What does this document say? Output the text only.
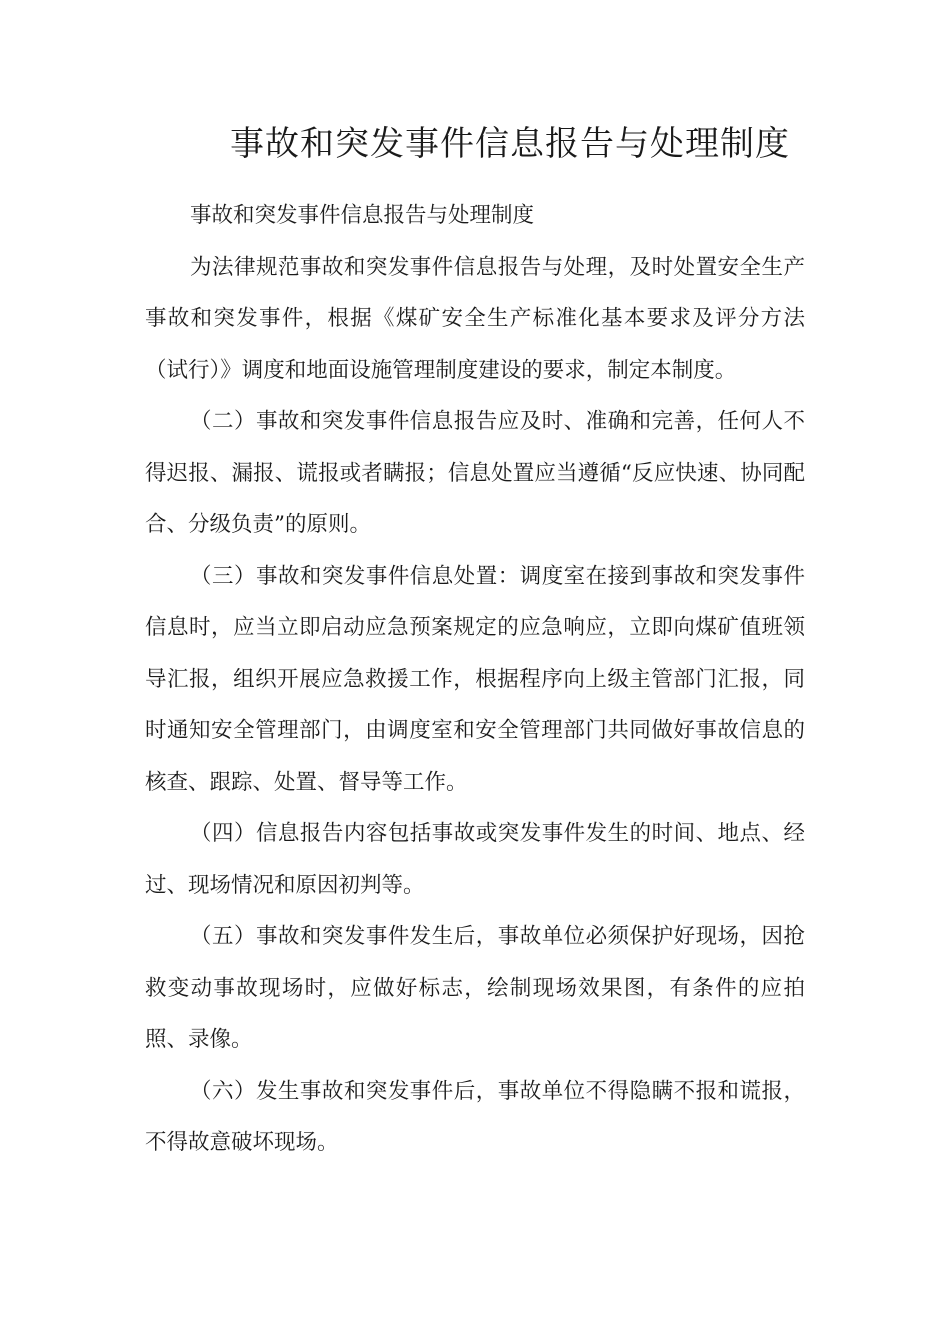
事故和突发事件信息报告与处理制度

事故和突发事件信息报告与处理制度

为法律规范事故和突发事件信息报告与处理，及时处置安全生产事故和突发事件，根据《煤矿安全生产标准化基本要求及评分方法（试行）》调度和地面设施管理制度建设的要求，制定本制度。

（二）事故和突发事件信息报告应及时、准确和完善，任何人不得迟报、漏报、谎报或者瞒报；信息处置应当遵循“反应快速、协同配合、分级负责”的原则。

（三）事故和突发事件信息处置：调度室在接到事故和突发事件信息时，应当立即启动应急预案规定的应急响应，立即向煤矿值班领导汇报，组织开展应急救援工作，根据程序向上级主管部门汇报，同时通知安全管理部门，由调度室和安全管理部门共同做好事故信息的核查、跟踪、处置、督导等工作。

（四）信息报告内容包括事故或突发事件发生的时间、地点、经过、现场情况和原因初判等。

（五）事故和突发事件发生后，事故单位必须保护好现场，因抢救变动事故现场时，应做好标志，绘制现场效果图，有条件的应拍照、录像。

（六）发生事故和突发事件后，事故单位不得隐瞒不报和谎报，不得故意破坏现场。
